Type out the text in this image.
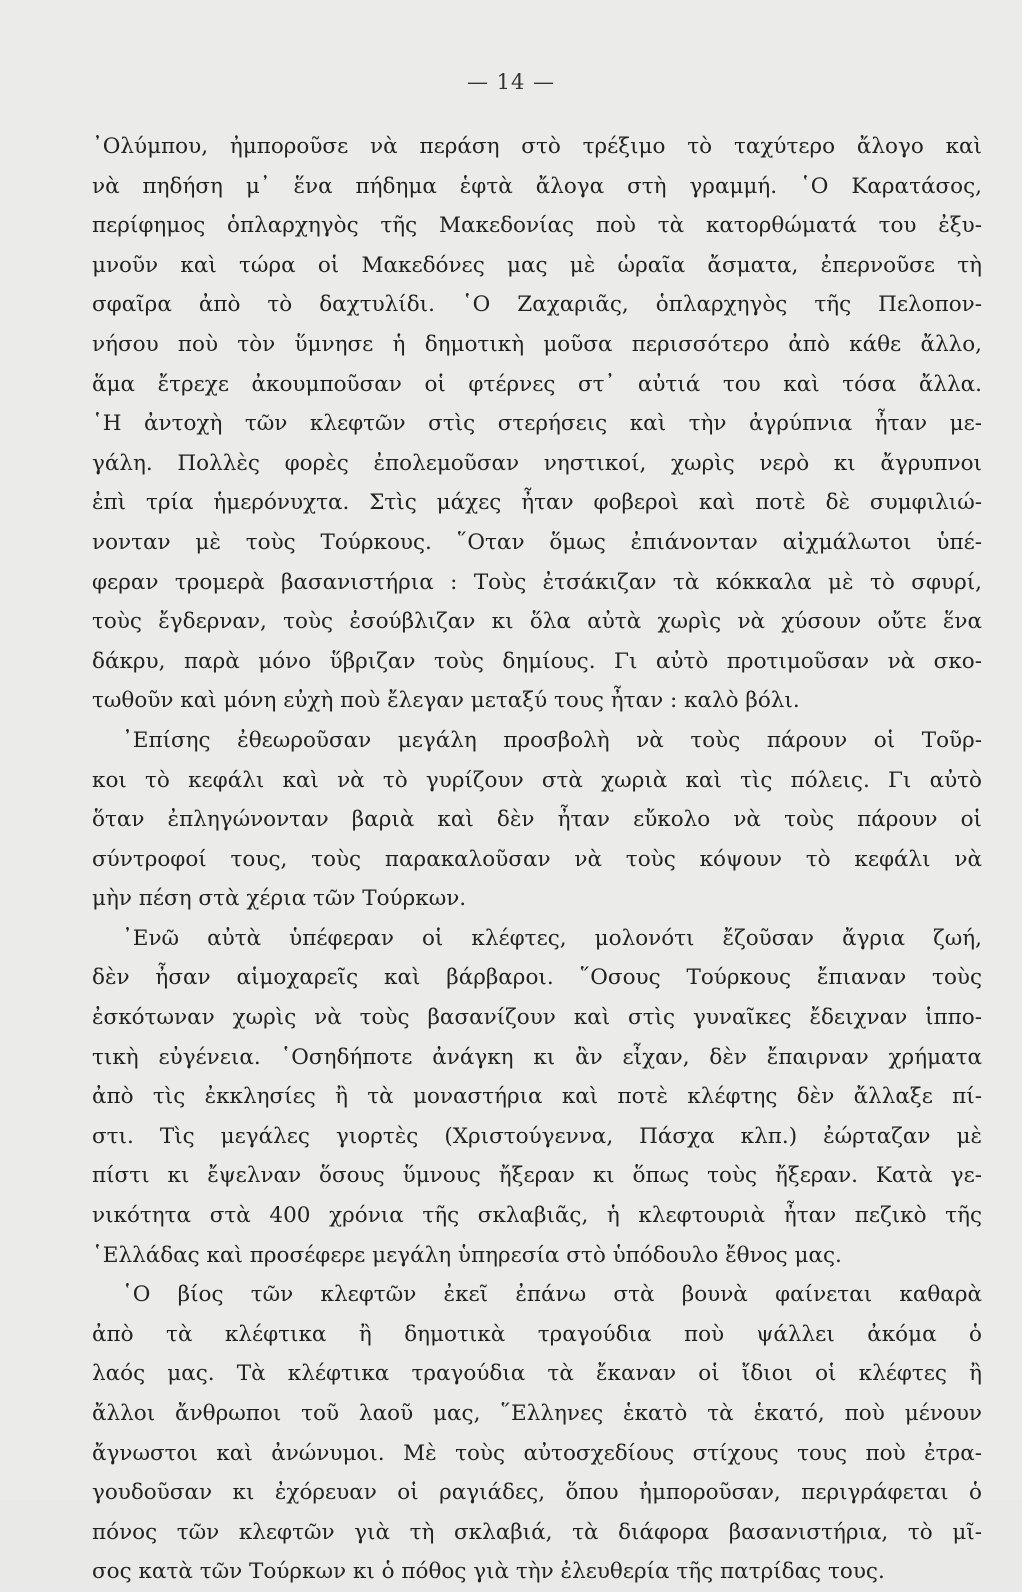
— 14 —
᾿Ολύμπου, ἠμποροῦσε νὰ περάση στὸ τρέξιμο τὸ ταχύτερο ἄλογο καὶ
νὰ πηδήση μ᾿ ἕνα πήδημα ἑφτὰ ἄλογα στὴ γραμμή. ῾Ο Καρατάσος,
περίφημος ὁπλαρχηγὸς τῆς Μακεδονίας ποὺ τὰ κατορθώματά του ἐξυ-
μνοῦν καὶ τώρα οἱ Μακεδόνες μας μὲ ὡραῖα ἄσματα, ἐπερνοῦσε τὴ
σφαῖρα ἀπὸ τὸ δαχτυλίδι. ῾Ο Ζαχαριᾶς, ὁπλαρχηγὸς τῆς Πελοπον-
νήσου ποὺ τὸν ὕμνησε ἡ δημοτικὴ μοῦσα περισσότερο ἀπὸ κάθε ἄλλο,
ἅμα ἔτρεχε ἀκουμποῦσαν οἱ φτέρνες στ᾿ αὐτιά του καὶ τόσα ἄλλα.
῾Η ἀντοχὴ τῶν κλεφτῶν στὶς στερήσεις καὶ τὴν ἀγρύπνια ἦταν με-
γάλη. Πολλὲς φορὲς ἐπολεμοῦσαν νηστικοί, χωρὶς νερὸ κι ἄγρυπνοι
ἐπὶ τρία ἡμερόνυχτα. Στὶς μάχες ἦταν φοβεροὶ καὶ ποτὲ δὲ συμφιλιώ-
νονταν μὲ τοὺς Τούρκους. ῞Οταν ὅμως ἐπιάνονταν αἰχμάλωτοι ὑπέ-
φεραν τρομερὰ βασανιστήρια : Τοὺς ἐτσάκιζαν τὰ κόκκαλα μὲ τὸ σφυρί,
τοὺς ἔγδερναν, τοὺς ἐσούβλιζαν κι ὅλα αὐτὰ χωρὶς νὰ χύσουν οὔτε ἕνα
δάκρυ, παρὰ μόνο ὕβριζαν τοὺς δημίους. Γι αὐτὸ προτιμοῦσαν νὰ σκο-
τωθοῦν καὶ μόνη εὐχὴ ποὺ ἔλεγαν μεταξύ τους ἦταν : καλὸ βόλι.
᾿Επίσης ἐθεωροῦσαν μεγάλη προσβολὴ νὰ τοὺς πάρουν οἱ Τοῦρ-
κοι τὸ κεφάλι καὶ νὰ τὸ γυρίζουν στὰ χωριὰ καὶ τὶς πόλεις. Γι αὐτὸ
ὅταν ἐπληγώνονταν βαριὰ καὶ δὲν ἦταν εὔκολο νὰ τοὺς πάρουν οἱ
σύντροφοί τους, τοὺς παρακαλοῦσαν νὰ τοὺς κόψουν τὸ κεφάλι νὰ
μὴν πέση στὰ χέρια τῶν Τούρκων.
᾿Ενῶ αὐτὰ ὑπέφεραν οἱ κλέφτες, μολονότι ἔζοῦσαν ἄγρια ζωή,
δὲν ἦσαν αἱμοχαρεῖς καὶ βάρβαροι. ῞Οσους Τούρκους ἔπιαναν τοὺς
ἐσκότωναν χωρὶς νὰ τοὺς βασανίζουν καὶ στὶς γυναῖκες ἔδειχναν ἱππο-
τικὴ εὐγένεια. ῾Οσηδήποτε ἀνάγκη κι ἂν εἶχαν, δὲν ἔπαιρναν χρήματα
ἀπὸ τὶς ἐκκλησίες ἢ τὰ μοναστήρια καὶ ποτὲ κλέφτης δὲν ἄλλαξε πί-
στι. Τὶς μεγάλες γιορτὲς (Χριστούγεννα, Πάσχα κλπ.) ἐώρταζαν μὲ
πίστι κι ἔψελναν ὅσους ὕμνους ἤξεραν κι ὅπως τοὺς ἤξεραν. Κατὰ γε-
νικότητα στὰ 400 χρόνια τῆς σκλαβιᾶς, ἡ κλεφτουριὰ ἦταν πεζικὸ τῆς
῾Ελλάδας καὶ προσέφερε μεγάλη ὑπηρεσία στὸ ὑπόδουλο ἔθνος μας.
῾Ο βίος τῶν κλεφτῶν ἐκεῖ ἐπάνω στὰ βουνὰ φαίνεται καθαρὰ
ἀπὸ τὰ κλέφτικα ἢ δημοτικὰ τραγούδια ποὺ ψάλλει ἀκόμα ὁ
λαός μας. Τὰ κλέφτικα τραγούδια τὰ ἔκαναν οἱ ἴδιοι οἱ κλέφτες ἢ
ἄλλοι ἄνθρωποι τοῦ λαοῦ μας, ῞Ελληνες ἑκατὸ τὰ ἑκατό, ποὺ μένουν
ἄγνωστοι καὶ ἀνώνυμοι. Μὲ τοὺς αὐτοσχεδίους στίχους τους ποὺ ἐτρα-
γουδοῦσαν κι ἐχόρευαν οἱ ραγιάδες, ὅπου ἠμποροῦσαν, περιγράφεται ὁ
πόνος τῶν κλεφτῶν γιὰ τὴ σκλαβιά, τὰ διάφορα βασανιστήρια, τὸ μῖ-
σος κατὰ τῶν Τούρκων κι ὁ πόθος γιὰ τὴν ἐλευθερία τῆς πατρίδας τους.
